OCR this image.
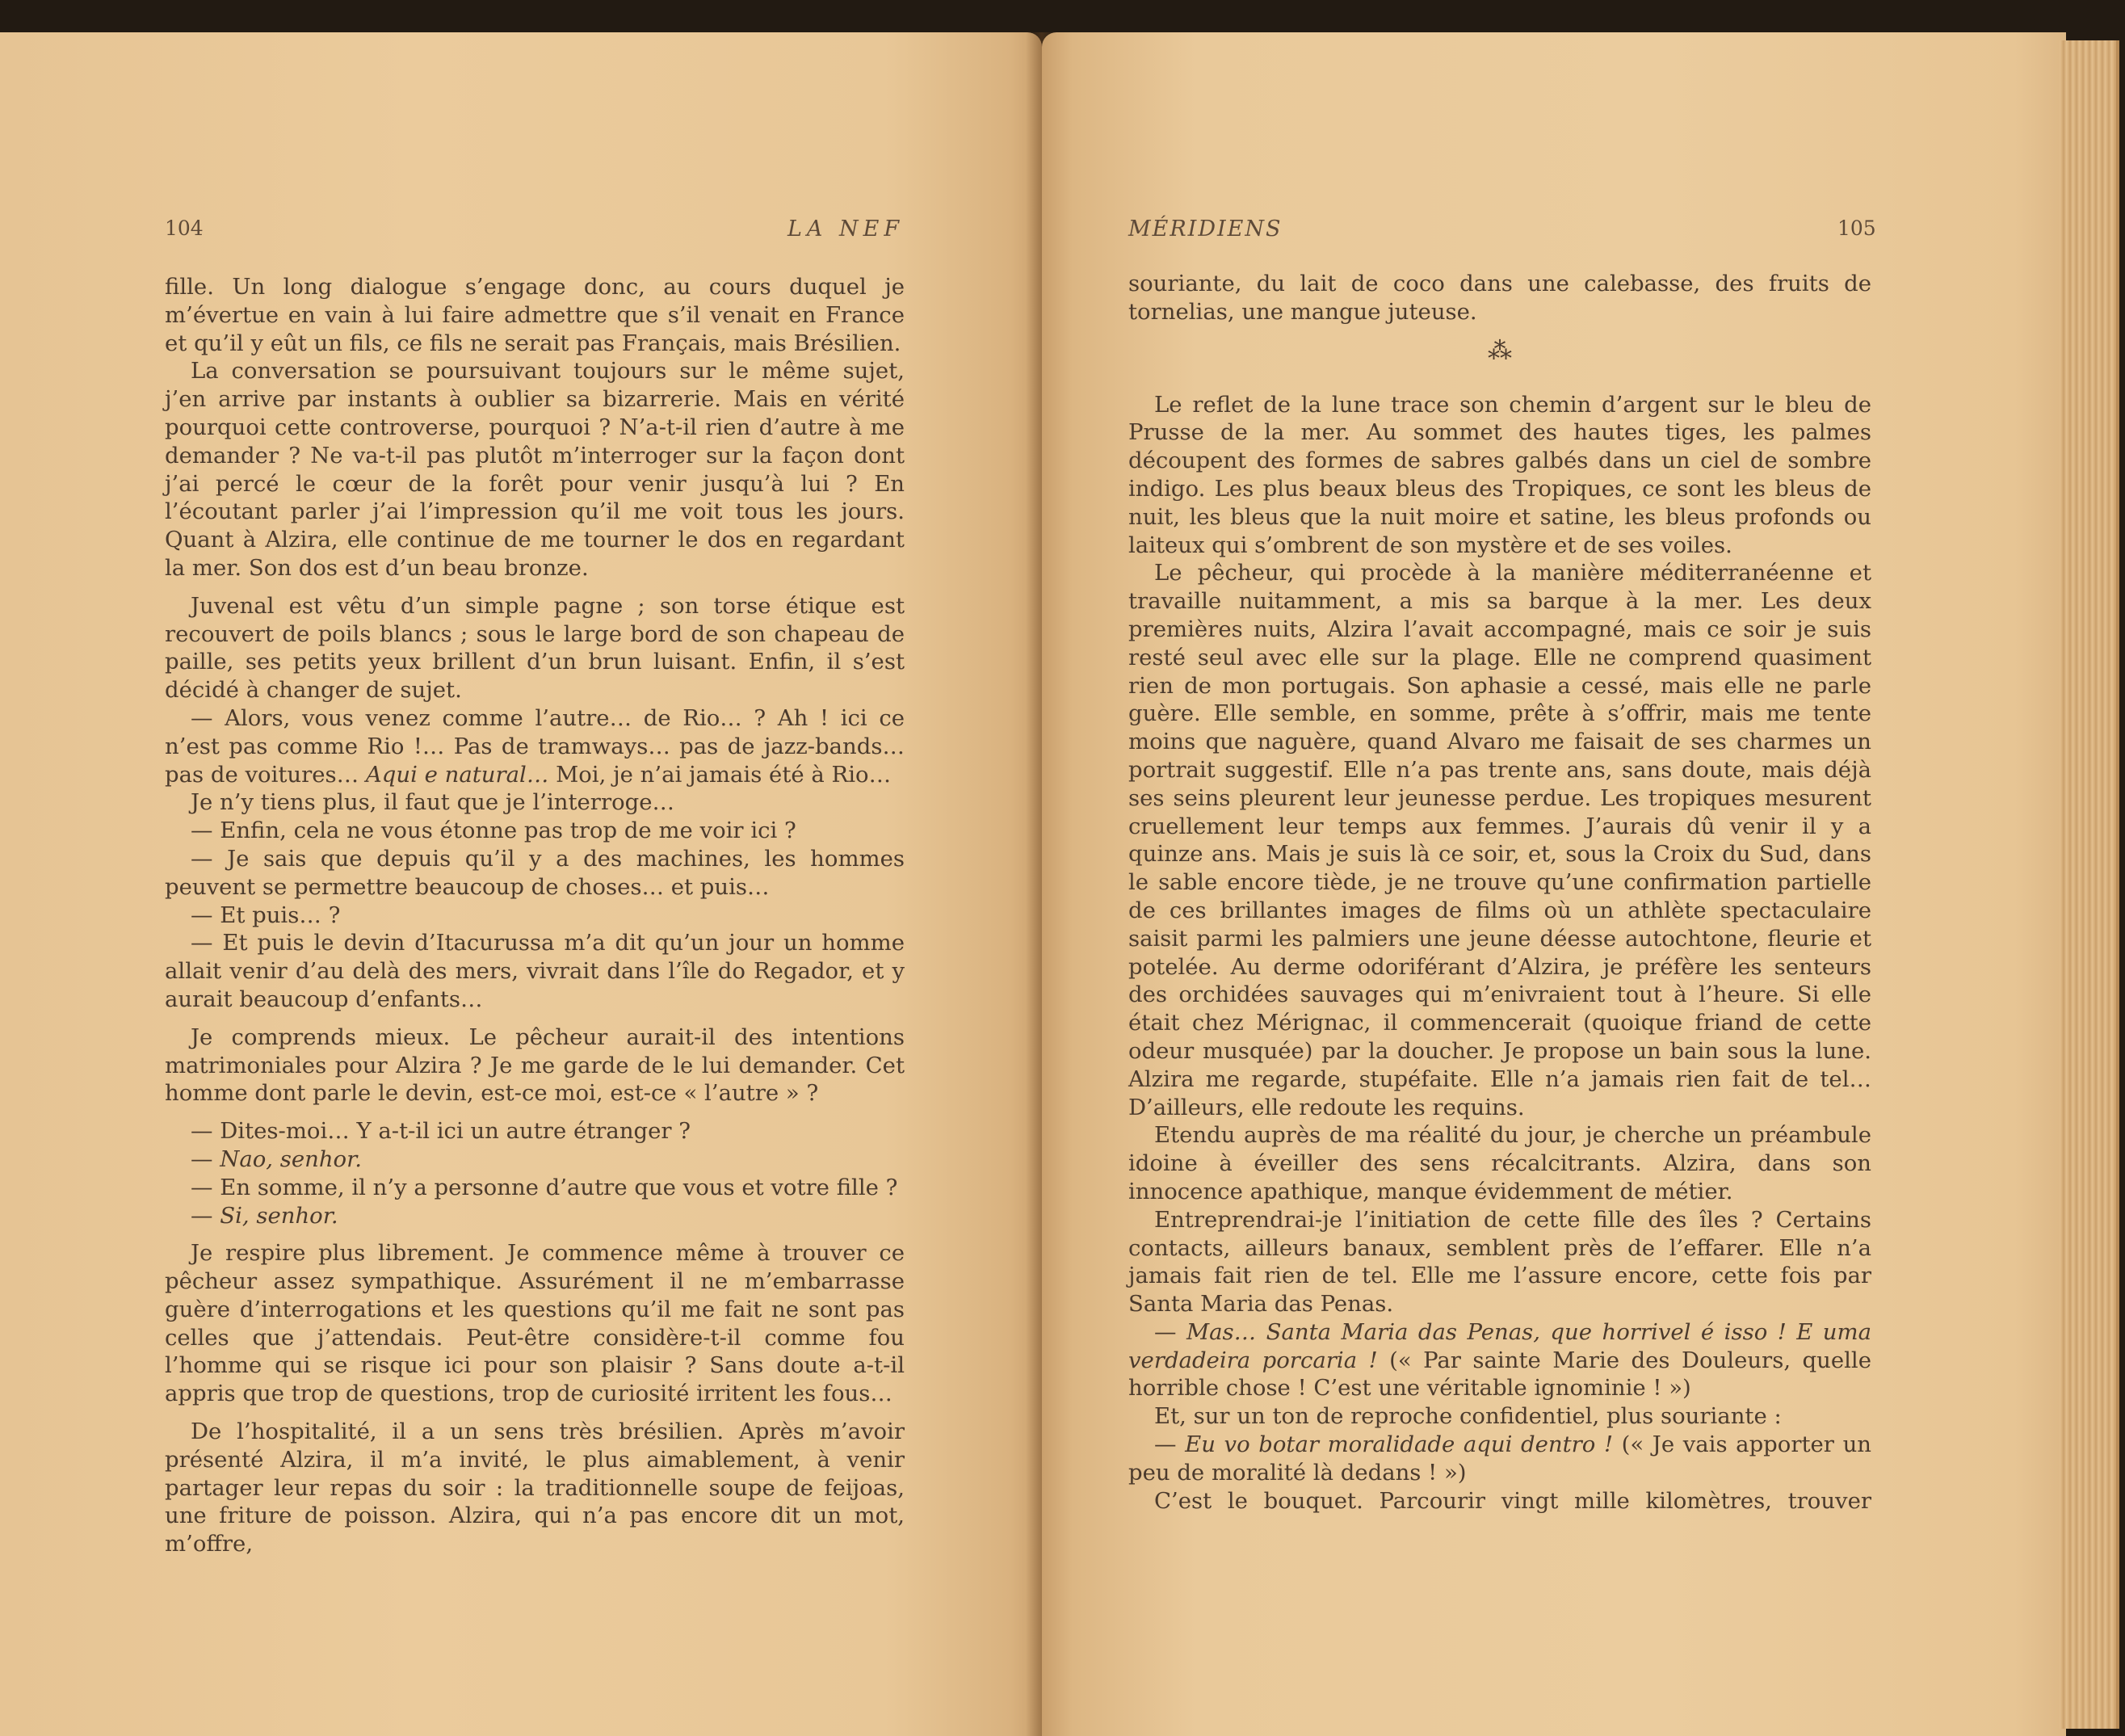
104	LA NEF

fille. Un long dialogue s’engage donc, au cours duquel je m’évertue en vain à lui faire admettre que s’il venait en France et qu’il y eût un fils, ce fils ne serait pas Français, mais Brésilien.

La conversation se poursuivant toujours sur le même sujet, j’en arrive par instants à oublier sa bizarrerie. Mais en vérité pourquoi cette controverse, pourquoi ? N’a-t-il rien d’autre à me demander ? Ne va-t-il pas plutôt m’interroger sur la façon dont j’ai percé le cœur de la forêt pour venir jusqu’à lui ? En l’écoutant parler j’ai l’impression qu’il me voit tous les jours. Quant à Alzira, elle continue de me tourner le dos en regardant la mer. Son dos est d’un beau bronze.

Juvenal est vêtu d’un simple pagne ; son torse étique est recouvert de poils blancs ; sous le large bord de son chapeau de paille, ses petits yeux brillent d’un brun luisant. Enfin, il s’est décidé à changer de sujet.

— Alors, vous venez comme l’autre… de Rio… ? Ah ! ici ce n’est pas comme Rio !… Pas de tramways… pas de jazz-bands… pas de voitures… Aqui e natural… Moi, je n’ai jamais été à Rio…

Je n’y tiens plus, il faut que je l’interroge…

— Enfin, cela ne vous étonne pas trop de me voir ici ?

— Je sais que depuis qu’il y a des machines, les hommes peuvent se permettre beaucoup de choses… et puis…

— Et puis… ?

— Et puis le devin d’Itacurussa m’a dit qu’un jour un homme allait venir d’au delà des mers, vivrait dans l’île do Regador, et y aurait beaucoup d’enfants…

Je comprends mieux. Le pêcheur aurait-il des intentions matrimoniales pour Alzira ? Je me garde de le lui demander. Cet homme dont parle le devin, est-ce moi, est-ce « l’autre » ?

— Dites-moi… Y a-t-il ici un autre étranger ?

— Nao, senhor.

— En somme, il n’y a personne d’autre que vous et votre fille ?

— Si, senhor.

Je respire plus librement. Je commence même à trouver ce pêcheur assez sympathique. Assurément il ne m’embarrasse guère d’interrogations et les questions qu’il me fait ne sont pas celles que j’attendais. Peut-être considère-t-il comme fou l’homme qui se risque ici pour son plaisir ? Sans doute a-t-il appris que trop de questions, trop de curiosité irritent les fous…

De l’hospitalité, il a un sens très brésilien. Après m’avoir présenté Alzira, il m’a invité, le plus aimablement, à venir partager leur repas du soir : la traditionnelle soupe de feijoas, une friture de poisson. Alzira, qui n’a pas encore dit un mot, m’offre,

MÉRIDIENS	105

souriante, du lait de coco dans une calebasse, des fruits de tornelias, une mangue juteuse.

⁂

Le reflet de la lune trace son chemin d’argent sur le bleu de Prusse de la mer. Au sommet des hautes tiges, les palmes découpent des formes de sabres galbés dans un ciel de sombre indigo. Les plus beaux bleus des Tropiques, ce sont les bleus de nuit, les bleus que la nuit moire et satine, les bleus profonds ou laiteux qui s’ombrent de son mystère et de ses voiles.

Le pêcheur, qui procède à la manière méditerranéenne et travaille nuitamment, a mis sa barque à la mer. Les deux premières nuits, Alzira l’avait accompagné, mais ce soir je suis resté seul avec elle sur la plage. Elle ne comprend quasiment rien de mon portugais. Son aphasie a cessé, mais elle ne parle guère. Elle semble, en somme, prête à s’offrir, mais me tente moins que naguère, quand Alvaro me faisait de ses charmes un portrait suggestif. Elle n’a pas trente ans, sans doute, mais déjà ses seins pleurent leur jeunesse perdue. Les tropiques mesurent cruellement leur temps aux femmes. J’aurais dû venir il y a quinze ans. Mais je suis là ce soir, et, sous la Croix du Sud, dans le sable encore tiède, je ne trouve qu’une confirmation partielle de ces brillantes images de films où un athlète spectaculaire saisit parmi les palmiers une jeune déesse autochtone, fleurie et potelée. Au derme odoriférant d’Alzira, je préfère les senteurs des orchidées sauvages qui m’enivraient tout à l’heure. Si elle était chez Mérignac, il commencerait (quoique friand de cette odeur musquée) par la doucher. Je propose un bain sous la lune. Alzira me regarde, stupéfaite. Elle n’a jamais rien fait de tel… D’ailleurs, elle redoute les requins.

Etendu auprès de ma réalité du jour, je cherche un préambule idoine à éveiller des sens récalcitrants. Alzira, dans son innocence apathique, manque évidemment de métier.

Entreprendrai-je l’initiation de cette fille des îles ? Certains contacts, ailleurs banaux, semblent près de l’effarer. Elle n’a jamais fait rien de tel. Elle me l’assure encore, cette fois par Santa Maria das Penas.

— Mas… Santa Maria das Penas, que horrivel é isso ! E uma verdadeira porcaria ! (« Par sainte Marie des Douleurs, quelle horrible chose ! C’est une véritable ignominie ! »)

Et, sur un ton de reproche confidentiel, plus souriante :

— Eu vo botar moralidade aqui dentro ! (« Je vais apporter un peu de moralité là dedans ! »)

C’est le bouquet. Parcourir vingt mille kilomètres, trouver
